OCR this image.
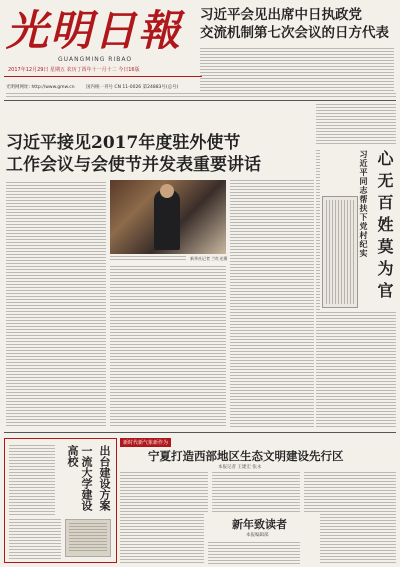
光明日報
GUANGMING RIBAO
2017年12月29日 星期五 农历丁酉年十一月十二 今日16版
习近平会见出席中日执政党
交流机制第七次会议的日方代表
光明网网址: http://www.gmw.cn	国内统一刊号 CN 11-0026 第24883号(总号)
习近平接见2017年度驻外使节
工作会议与会使节并发表重要讲话
新华社记者 兰红光摄	心无百姓莫为官
习近平同志帮扶下党村纪实
出台建设方案
一流大学建设高校
新时代新气象新作为
宁夏打造西部地区生态文明建设先行区
本报记者 王建宏 张永
新年致读者
本报编辑部
